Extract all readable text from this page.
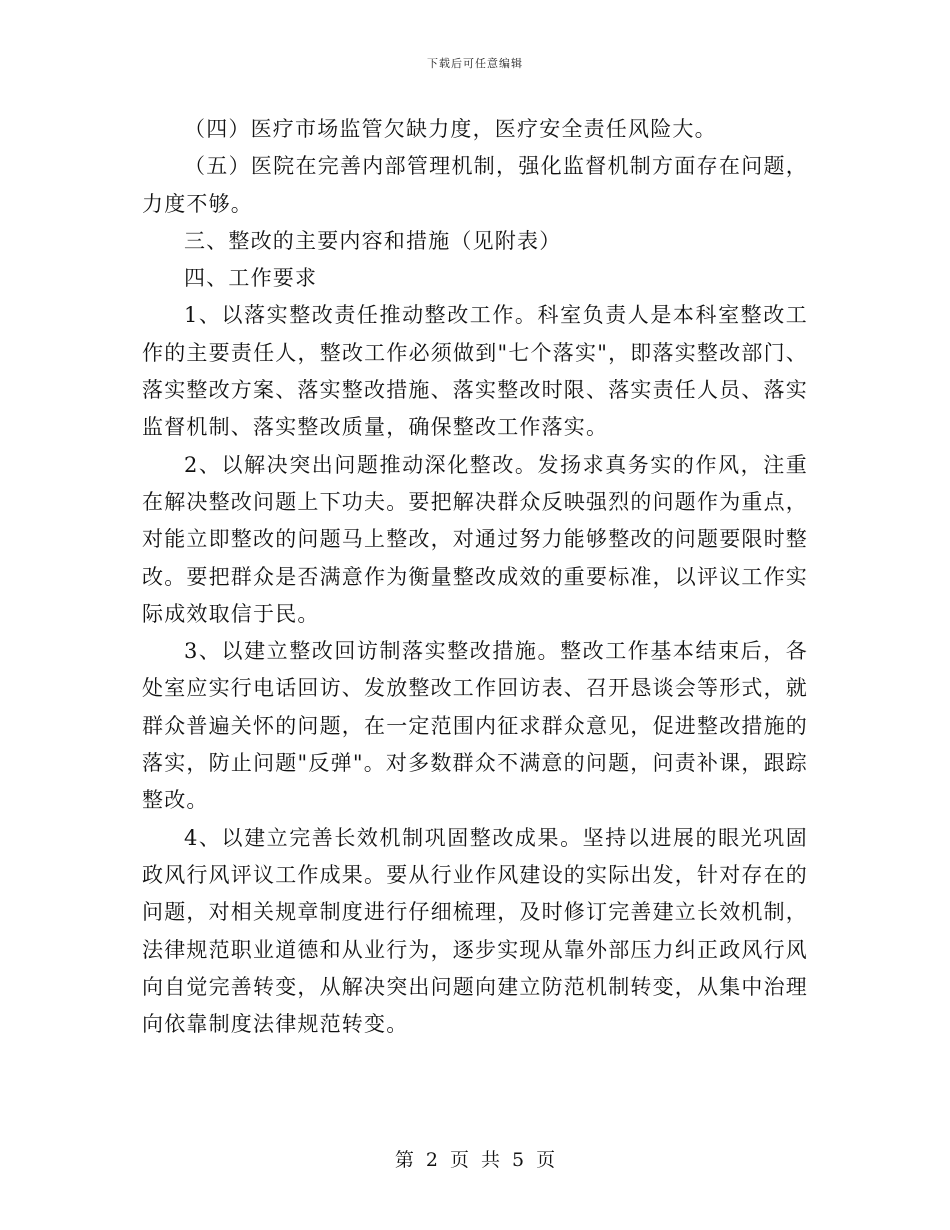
下载后可任意编辑

（四）医疗市场监管欠缺力度，医疗安全责任风险大。

（五）医院在完善内部管理机制，强化监督机制方面存在问题，力度不够。

三、整改的主要内容和措施（见附表）

四、工作要求

1、以落实整改责任推动整改工作。科室负责人是本科室整改工作的主要责任人，整改工作必须做到"七个落实"，即落实整改部门、落实整改方案、落实整改措施、落实整改时限、落实责任人员、落实监督机制、落实整改质量，确保整改工作落实。

2、以解决突出问题推动深化整改。发扬求真务实的作风，注重在解决整改问题上下功夫。要把解决群众反映强烈的问题作为重点，对能立即整改的问题马上整改，对通过努力能够整改的问题要限时整改。要把群众是否满意作为衡量整改成效的重要标准，以评议工作实际成效取信于民。

3、以建立整改回访制落实整改措施。整改工作基本结束后，各处室应实行电话回访、发放整改工作回访表、召开恳谈会等形式，就群众普遍关怀的问题，在一定范围内征求群众意见，促进整改措施的落实，防止问题"反弹"。对多数群众不满意的问题，问责补课，跟踪整改。

4、以建立完善长效机制巩固整改成果。坚持以进展的眼光巩固政风行风评议工作成果。要从行业作风建设的实际出发，针对存在的问题，对相关规章制度进行仔细梳理，及时修订完善建立长效机制，法律规范职业道德和从业行为，逐步实现从靠外部压力纠正政风行风向自觉完善转变，从解决突出问题向建立防范机制转变，从集中治理向依靠制度法律规范转变。

第 2 页 共 5 页
